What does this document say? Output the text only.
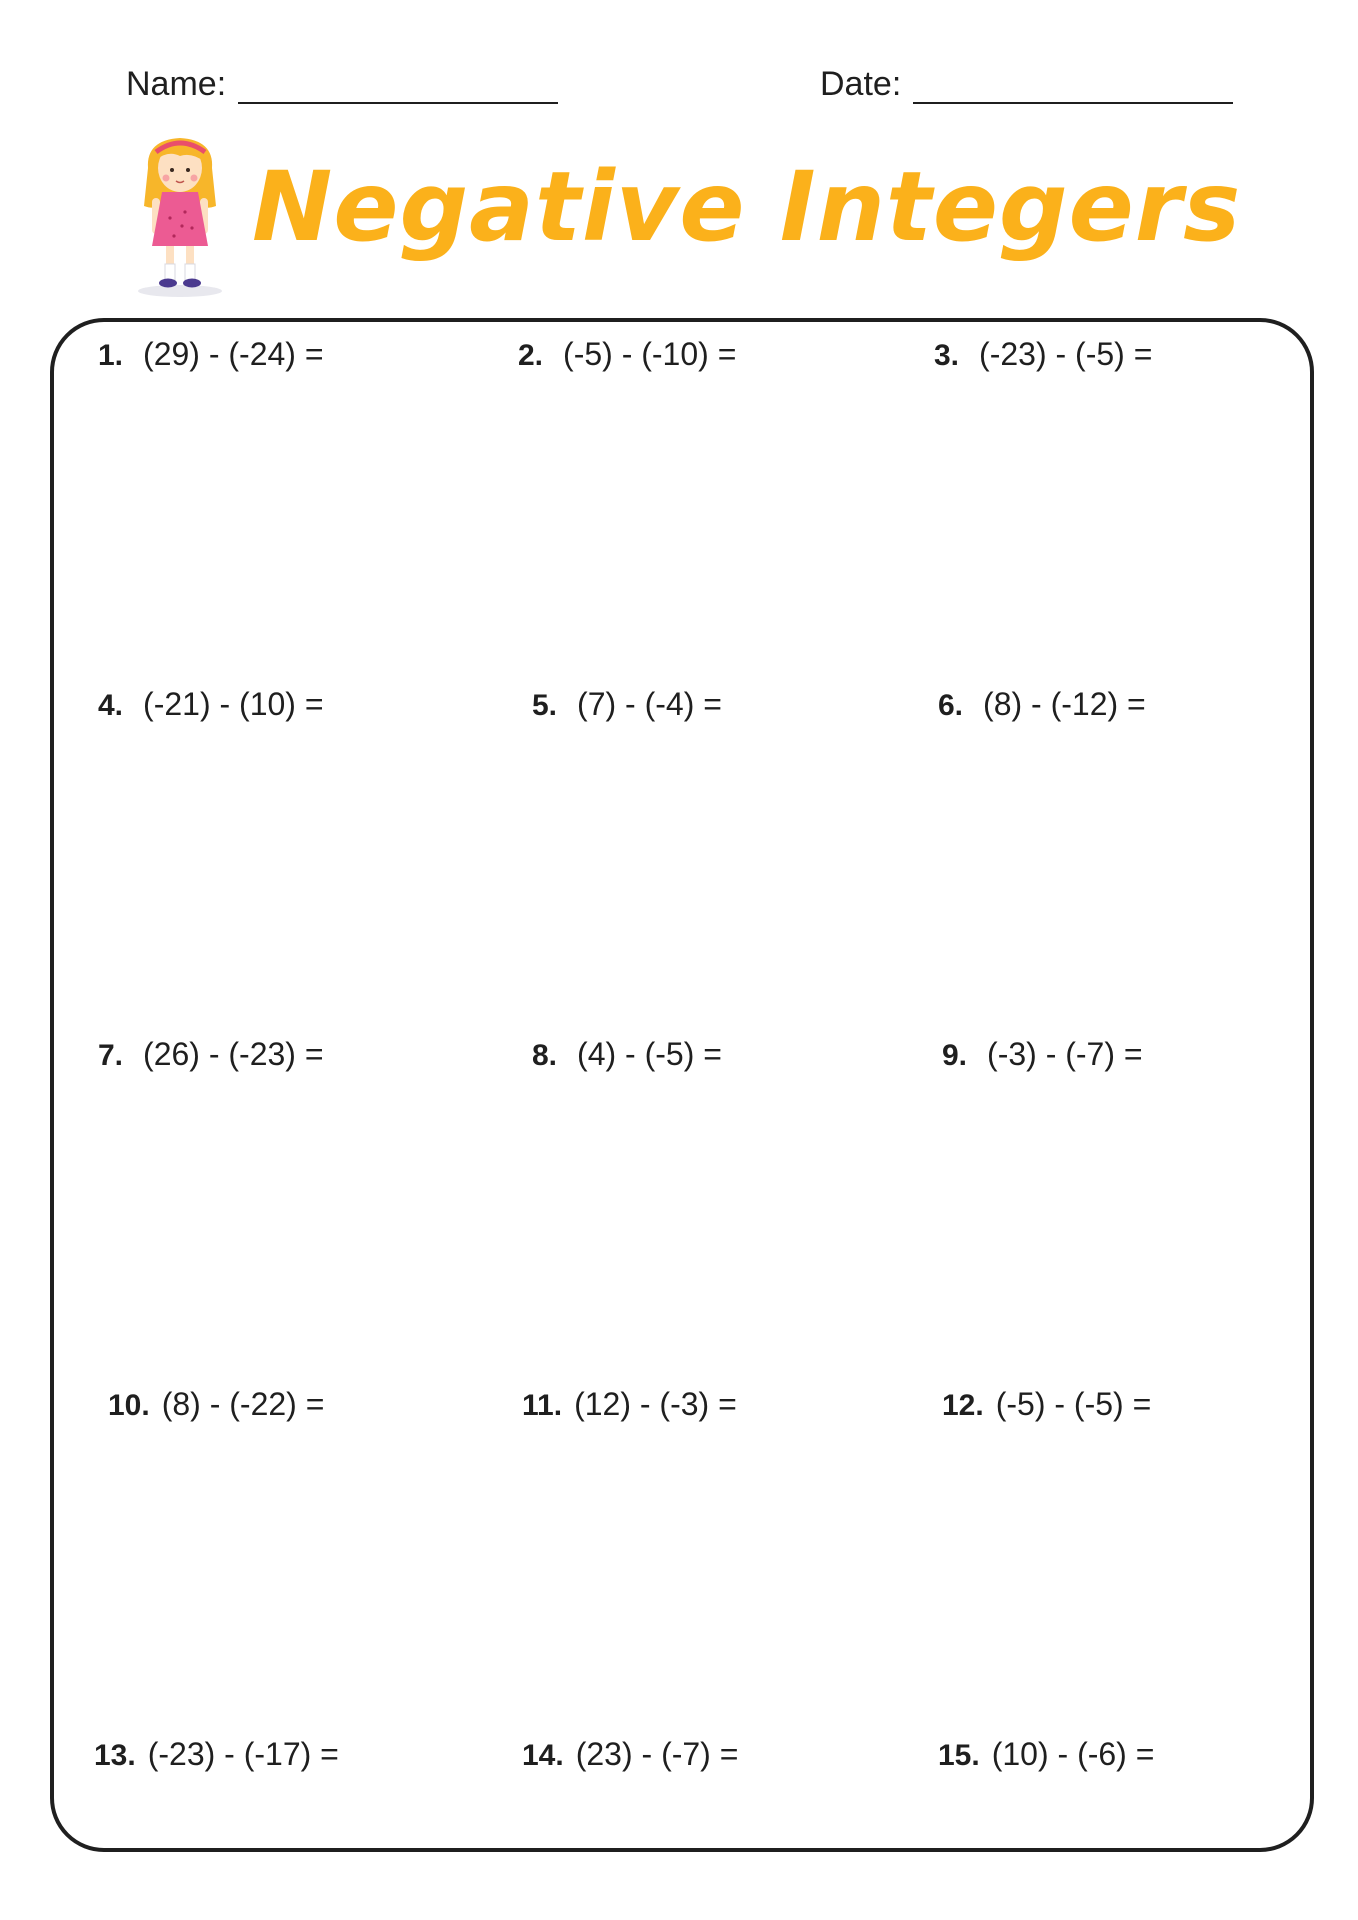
Name:	Date:
Negative Integers
1. (29) - (-24) =	2. (-5) - (-10) =	3. (-23) - (-5) =
4. (-21) - (10) =	5. (7) - (-4) =	6. (8) - (-12) =
7. (26) - (-23) =	8. (4) - (-5) =	9. (-3) - (-7) =
10. (8) - (-22) =	11. (12) - (-3) =	12. (-5) - (-5) =
13. (-23) - (-17) =	14. (23) - (-7) =	15. (10) - (-6) =
